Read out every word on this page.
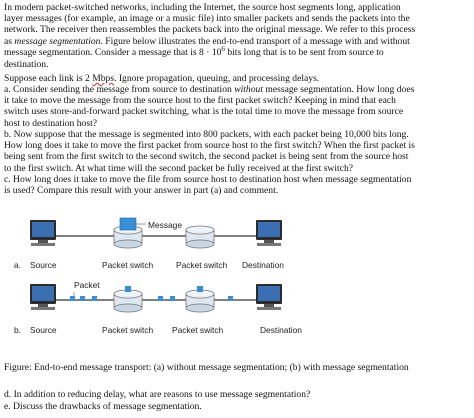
In modern packet-switched networks, including the Internet, the source host segments long, application
layer messages (for example, an image or a music file) into smaller packets and sends the packets into the
network. The receiver then reassembles the packets back into the original message. We refer to this process
as message segmentation. Figure below illustrates the end-to-end transport of a message with and without
message segmentation. Consider a message that is $8 \cdot 10^6$ bits long that is to be sent from source to
destination.

Suppose each link is 2 Mbps. Ignore propagation, queuing, and processing delays.

a. Consider sending the message from source to destination without message segmentation. How long does
it take to move the message from the source host to the first packet switch? Keeping in mind that each
switch uses store-and-forward packet switching, what is the total time to move the message from source
host to destination host?

b. Now suppose that the message is segmented into 800 packets, with each packet being 10,000 bits long.
How long does it take to move the first packet from source host to the first switch? When the first packet is
being sent from the first switch to the second switch, the second packet is being sent from the source host
to the first switch. At what time will the second packet be fully received at the first switch?

c. How long does it take to move the file from source host to destination host when message segmentation
is used? Compare this result with your answer in part (a) and comment.

a. Source	Packet switch	Packet switch Destination
Message
Packet
b. Source	Packet switch Packet switch	Destination
Figure: End-to-end message transport: (a) without message segmentation; (b) with message segmentation
d. In addition to reducing delay, what are reasons to use message segmentation?
e. Discuss the drawbacks of message segmentation.
